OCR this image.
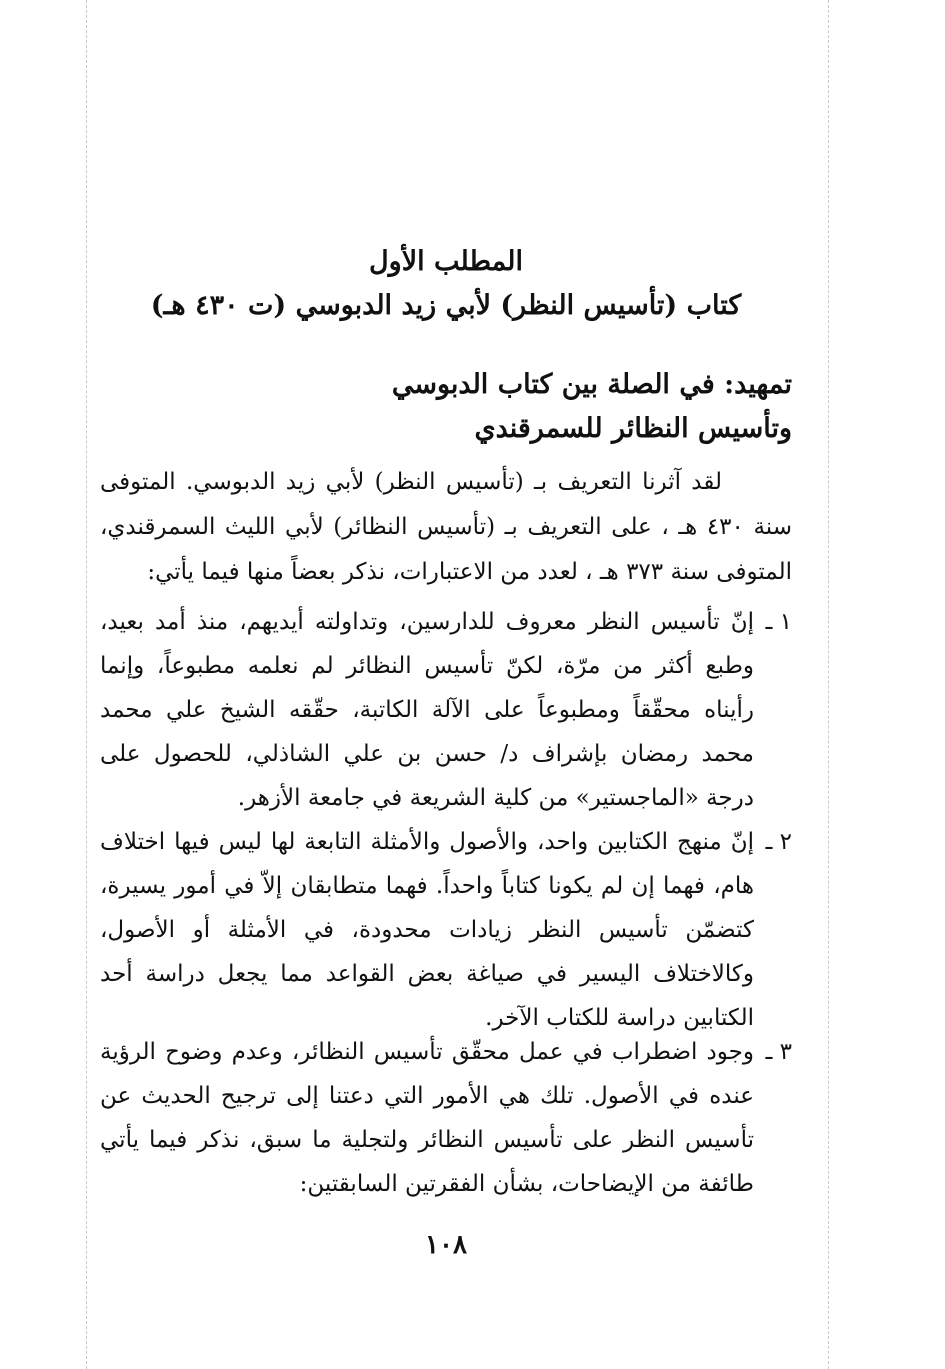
المطلب الأول
كتاب (تأسيس النظر) لأبي زيد الدبوسي (ت ٤٣٠ هـ)
تمهيد: في الصلة بين كتاب الدبوسي
وتأسيس النظائر للسمرقندي

لقد آثرنا التعريف بـ (تأسيس النظر) لأبي زيد الدبوسي. المتوفى سنة ٤٣٠ هـ ، على التعريف بـ (تأسيس النظائر) لأبي الليث السمرقندي، المتوفى سنة ٣٧٣ هـ ، لعدد من الاعتبارات، نذكر بعضاً منها فيما يأتي:

١ ـ
إنّ تأسيس النظر معروف للدارسين، وتداولته أيديهم، منذ أمد بعيد، وطبع أكثر من مرّة، لكنّ تأسيس النظائر لم نعلمه مطبوعاً، وإنما رأيناه محقّقاً ومطبوعاً على الآلة الكاتبة، حقّقه الشيخ علي محمد محمد رمضان بإشراف د/ حسن بن علي الشاذلي، للحصول على درجة «الماجستير» من كلية الشريعة في جامعة الأزهر.
٢ ـ
إنّ منهج الكتابين واحد، والأصول والأمثلة التابعة لها ليس فيها اختلاف هام، فهما إن لم يكونا كتاباً واحداً. فهما متطابقان إلاّ في أمور يسيرة، كتضمّن تأسيس النظر زيادات محدودة، في الأمثلة أو الأصول، وكالاختلاف اليسير في صياغة بعض القواعد مما يجعل دراسة أحد الكتابين دراسة للكتاب الآخر.
٣ ـ
وجود اضطراب في عمل محقّق تأسيس النظائر، وعدم وضوح الرؤية عنده في الأصول. تلك هي الأمور التي دعتنا إلى ترجيح الحديث عن تأسيس النظر على تأسيس النظائر ولتجلية ما سبق، نذكر فيما يأتي طائفة من الإيضاحات، بشأن الفقرتين السابقتين:

١٠٨
